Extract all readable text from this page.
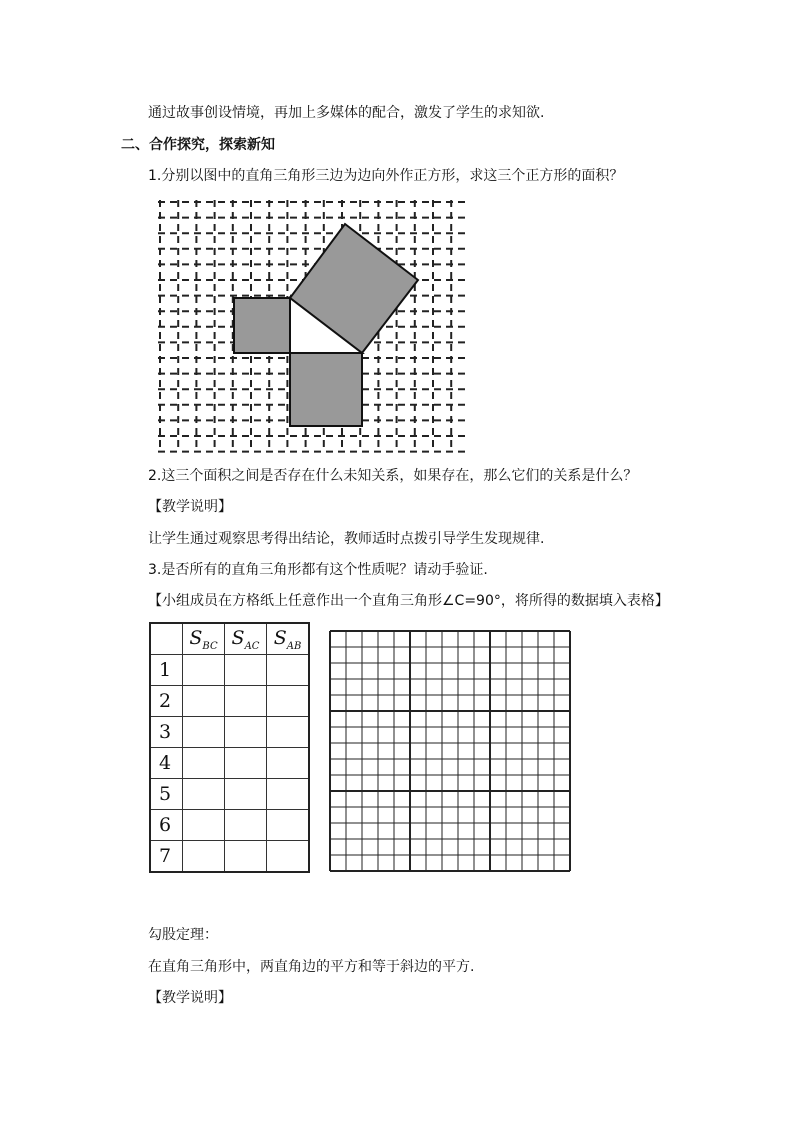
通过故事创设情境，再加上多媒体的配合，激发了学生的求知欲.
二、合作探究，探索新知
1.分别以图中的直角三角形三边为边向外作正方形，求这三个正方形的面积？
2.这三个面积之间是否存在什么未知关系，如果存在，那么它们的关系是什么？
【教学说明】
让学生通过观察思考得出结论，教师适时点拨引导学生发现规律.
3.是否所有的直角三角形都有这个性质呢？请动手验证.
【小组成员在方格纸上任意作出一个直角三角形∠C=90°，将所得的数据填入表格】
	$S_{BC}$	$S_{AC}$	$S_{AB}$
1			
2			
3			
4			
5			
6			
7			
勾股定理：
在直角三角形中，两直角边的平方和等于斜边的平方.
【教学说明】
